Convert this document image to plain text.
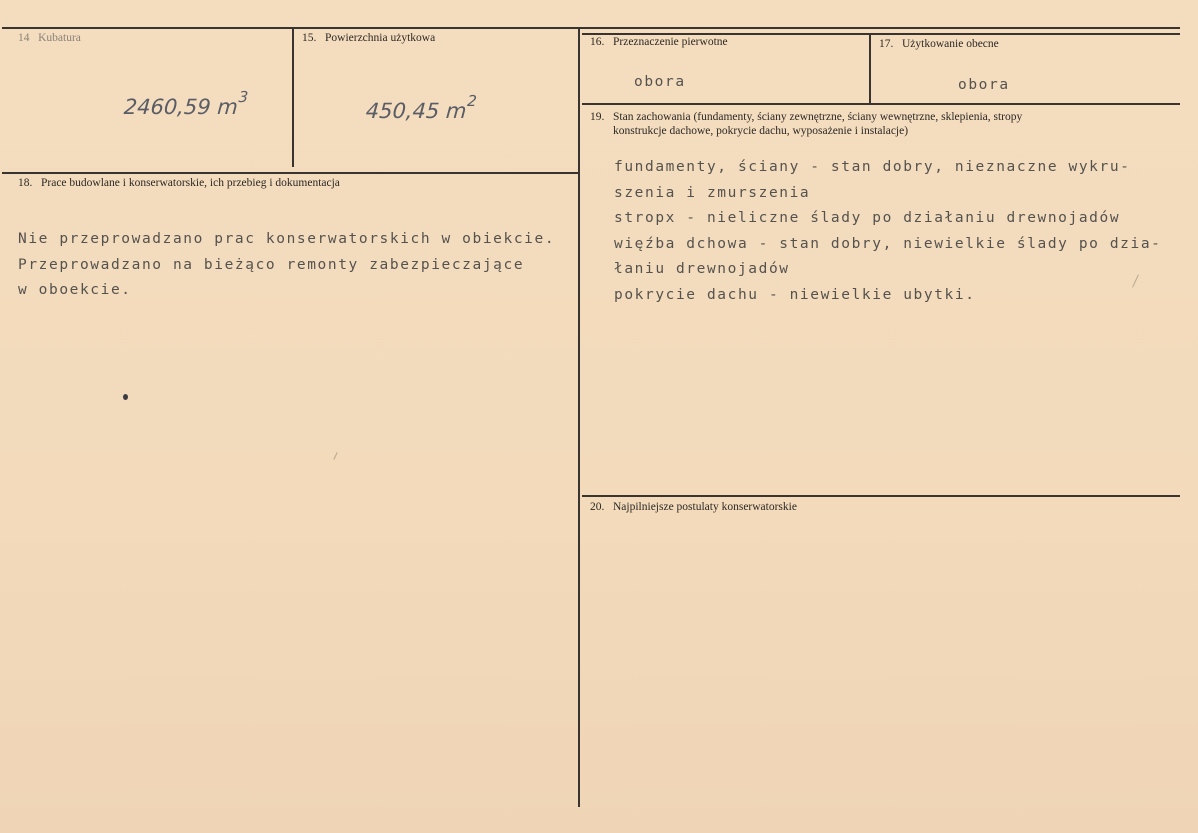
14 Kubatura
2460,59 $m^3$
15. Powierzchnia użytkowa
450,45 $m^2$
16. Przeznaczenie pierwotne
obora
17. Użytkowanie obecne
obora
19. Stan zachowania (fundamenty, ściany zewnętrzne, ściany wewnętrzne, sklepienia, stropy
konstrukcje dachowe, pokrycie dachu, wyposażenie i instalacje)
fundamenty, ściany - stan dobry, nieznaczne wykru-
szenia i zmurszenia
stropx - nieliczne ślady po działaniu drewnojadów
więźba dchowa - stan dobry, niewielkie ślady po dzia-
łaniu drewnojadów
pokrycie dachu - niewielkie ubytki.
18. Prace budowlane i konserwatorskie, ich przebieg i dokumentacja
Nie przeprowadzano prac konserwatorskich w obiekcie.
Przeprowadzano na bieżąco remonty zabezpieczające
w oboekcie.
20. Najpilniejsze postulaty konserwatorskie
